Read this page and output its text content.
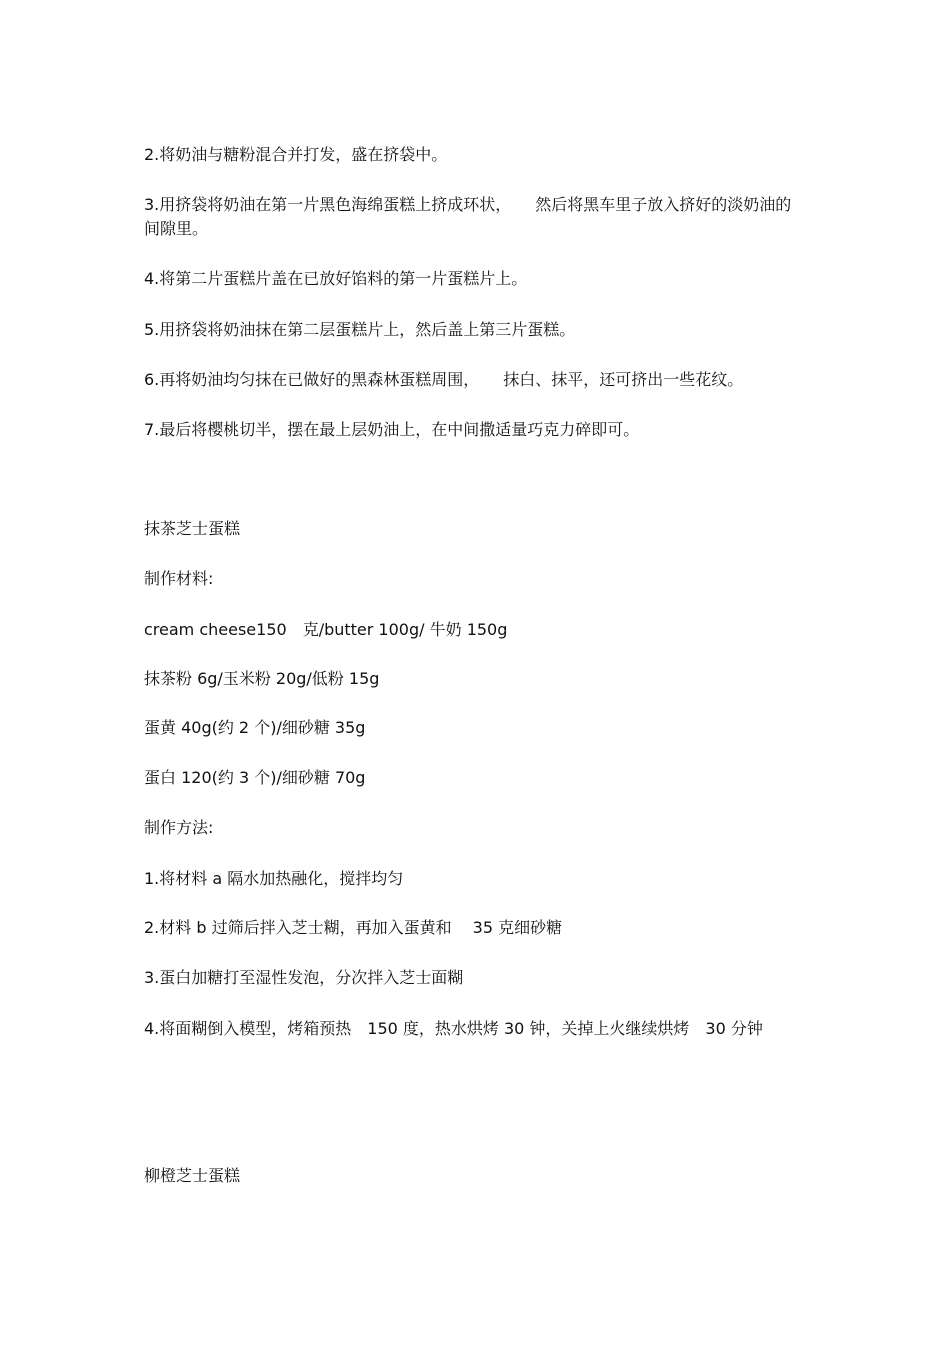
2.将奶油与糖粉混合并打发，盛在挤袋中。
3.用挤袋将奶油在第一片黑色海绵蛋糕上挤成环状，　　然后将黑车里子放入挤好的淡奶油的间隙里。
4.将第二片蛋糕片盖在已放好馅料的第一片蛋糕片上。
5.用挤袋将奶油抹在第二层蛋糕片上，然后盖上第三片蛋糕。
6.再将奶油均匀抹在已做好的黑森林蛋糕周围，　　抹白、抹平，还可挤出一些花纹。
7.最后将樱桃切半，摆在最上层奶油上，在中间撒适量巧克力碎即可。
抹茶芝士蛋糕
制作材料:
cream cheese150　克/butter 100g/ 牛奶 150g
抹茶粉 6g/玉米粉 20g/低粉 15g
蛋黄 40g(约 2 个)/细砂糖 35g
蛋白 120(约 3 个)/细砂糖 70g
制作方法:
1.将材料 a 隔水加热融化，搅拌均匀
2.材料 b 过筛后拌入芝士糊，再加入蛋黄和　 35 克细砂糖
3.蛋白加糖打至湿性发泡，分次拌入芝士面糊
4.将面糊倒入模型，烤箱预热　150 度，热水烘烤 30 钟，关掉上火继续烘烤　30 分钟
柳橙芝士蛋糕
